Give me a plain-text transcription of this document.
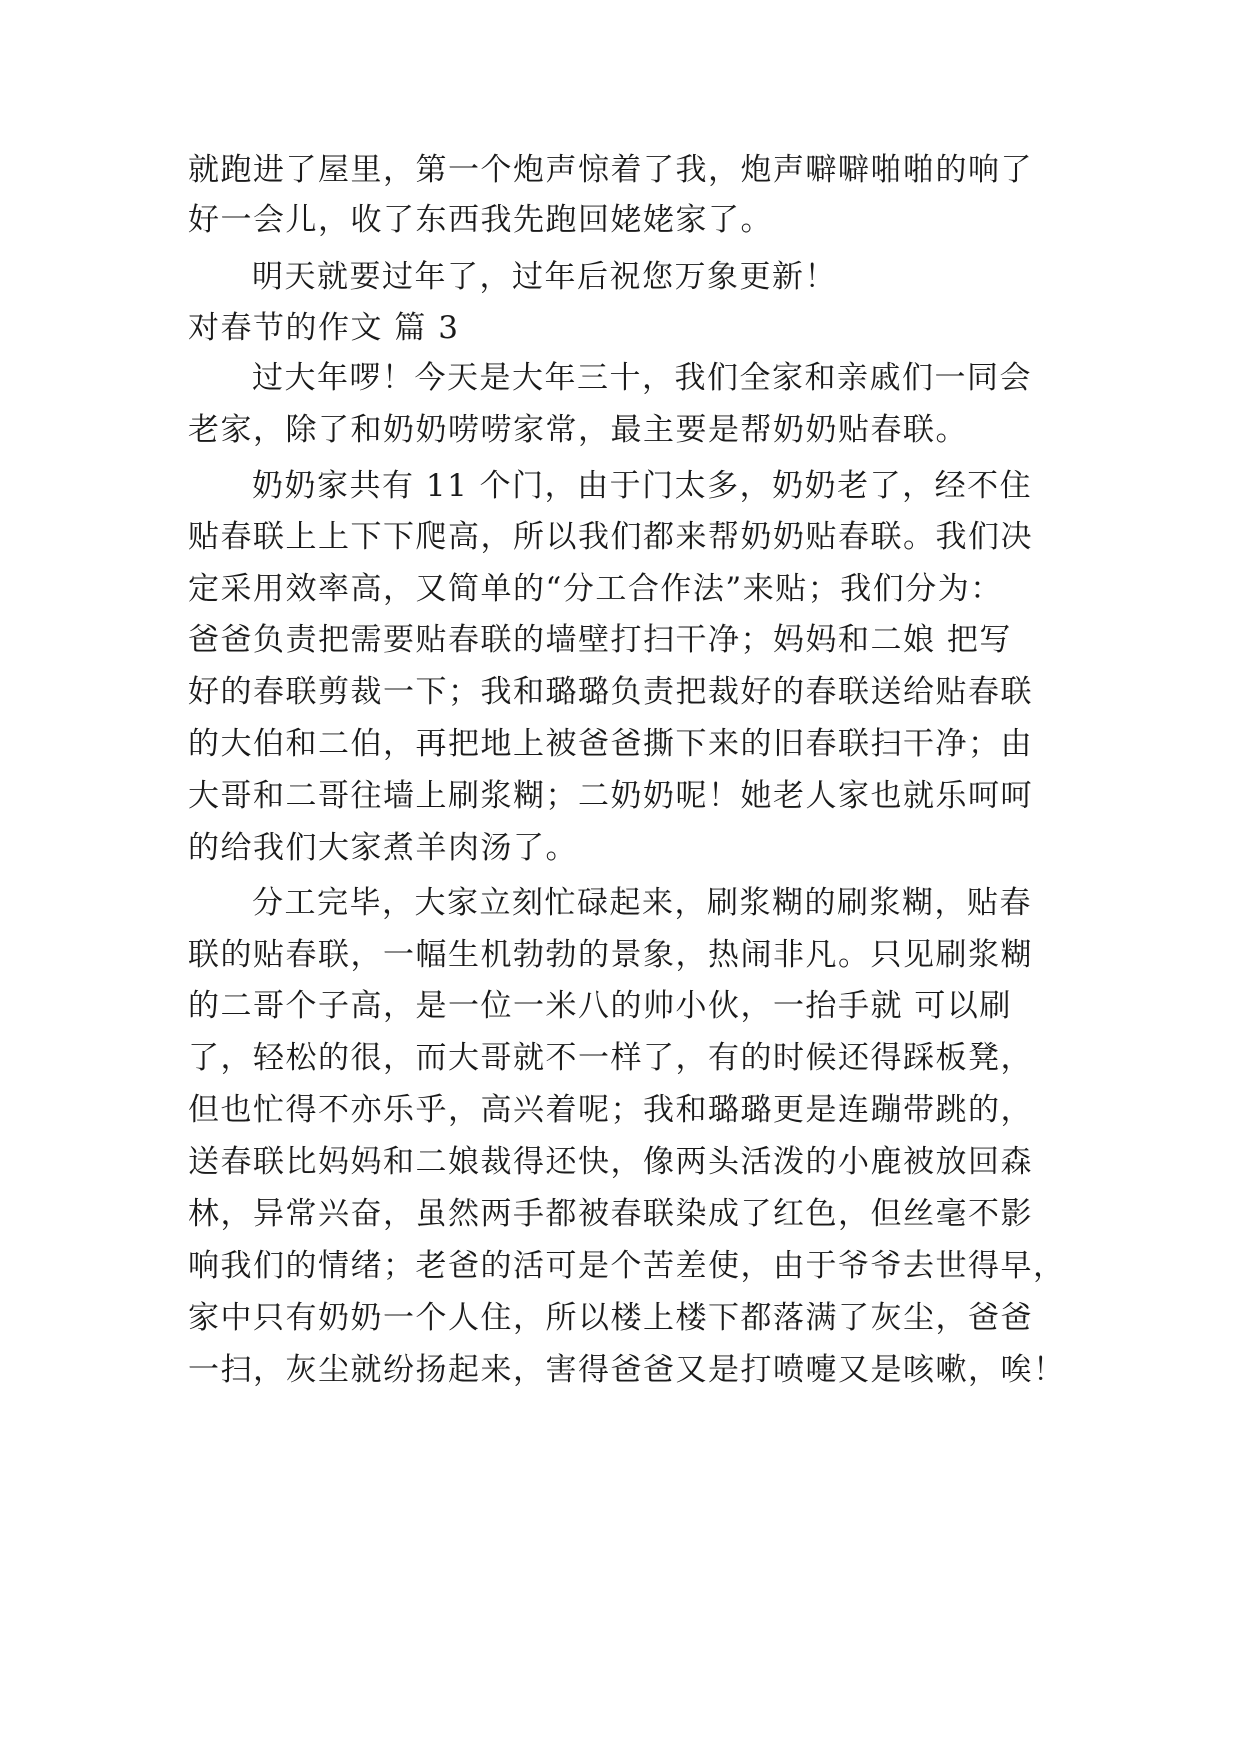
就跑进了屋里，第一个炮声惊着了我，炮声噼噼啪啪的响了
好一会儿，收了东西我先跑回姥姥家了。
明天就要过年了，过年后祝您万象更新！
对春节的作文 篇 3
过大年啰！今天是大年三十，我们全家和亲戚们一同会
老家，除了和奶奶唠唠家常，最主要是帮奶奶贴春联。
奶奶家共有 11 个门，由于门太多，奶奶老了，经不住
贴春联上上下下爬高，所以我们都来帮奶奶贴春联。我们决
定采用效率高，又简单的“分工合作法”来贴；我们分为：
爸爸负责把需要贴春联的墙壁打扫干净；妈妈和二娘 把写
好的春联剪裁一下；我和璐璐负责把裁好的春联送给贴春联
的大伯和二伯，再把地上被爸爸撕下来的旧春联扫干净；由
大哥和二哥往墙上刷浆糊；二奶奶呢！她老人家也就乐呵呵
的给我们大家煮羊肉汤了。
分工完毕，大家立刻忙碌起来，刷浆糊的刷浆糊，贴春
联的贴春联，一幅生机勃勃的景象，热闹非凡。只见刷浆糊
的二哥个子高，是一位一米八的帅小伙，一抬手就 可以刷
了，轻松的很，而大哥就不一样了，有的时候还得踩板凳，
但也忙得不亦乐乎，高兴着呢；我和璐璐更是连蹦带跳的，
送春联比妈妈和二娘裁得还快，像两头活泼的小鹿被放回森
林，异常兴奋，虽然两手都被春联染成了红色，但丝毫不影
响我们的情绪；老爸的活可是个苦差使，由于爷爷去世得早，
家中只有奶奶一个人住，所以楼上楼下都落满了灰尘，爸爸
一扫，灰尘就纷扬起来，害得爸爸又是打喷嚏又是咳嗽，唉！
